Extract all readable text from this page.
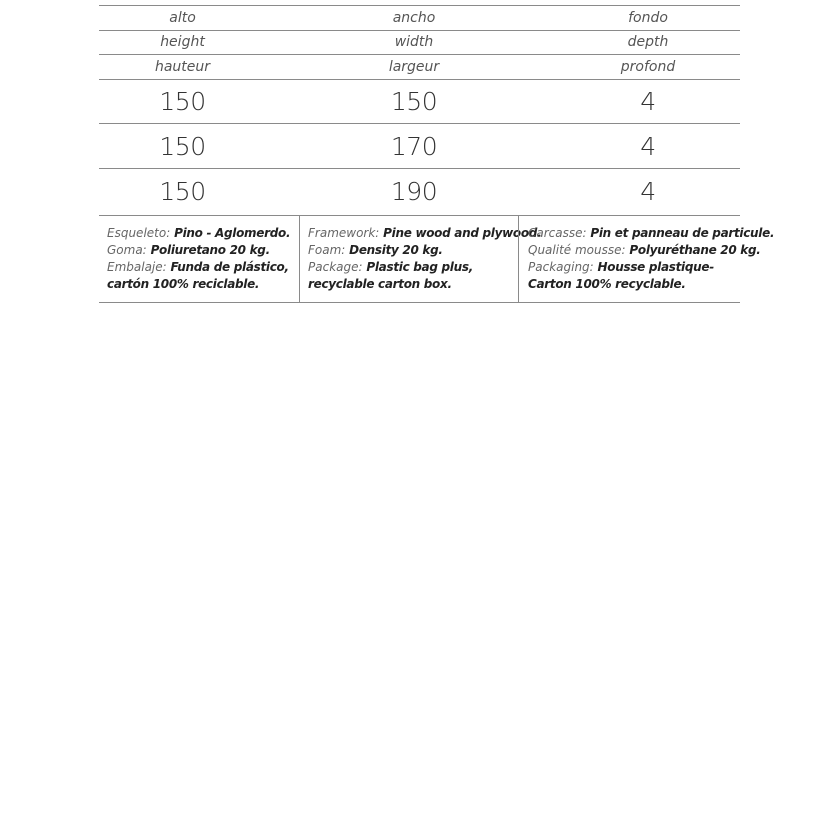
alto	ancho	fondo
height	width	depth
hauteur	largeur	profond
150	150	4
150	170	4
150	190	4
Esqueleto: Pino - Aglomerdo.
Goma: Poliuretano 20 kg.
Embalaje: Funda de plástico,
cartón 100% reciclable.
Framework: Pine wood and plywood.
Foam: Density 20 kg.
Package: Plastic bag plus,
recyclable carton box.
Carcasse: Pin et panneau de particule.
Qualité mousse: Polyuréthane 20 kg.
Packaging: Housse plastique-
Carton 100% recyclable.
